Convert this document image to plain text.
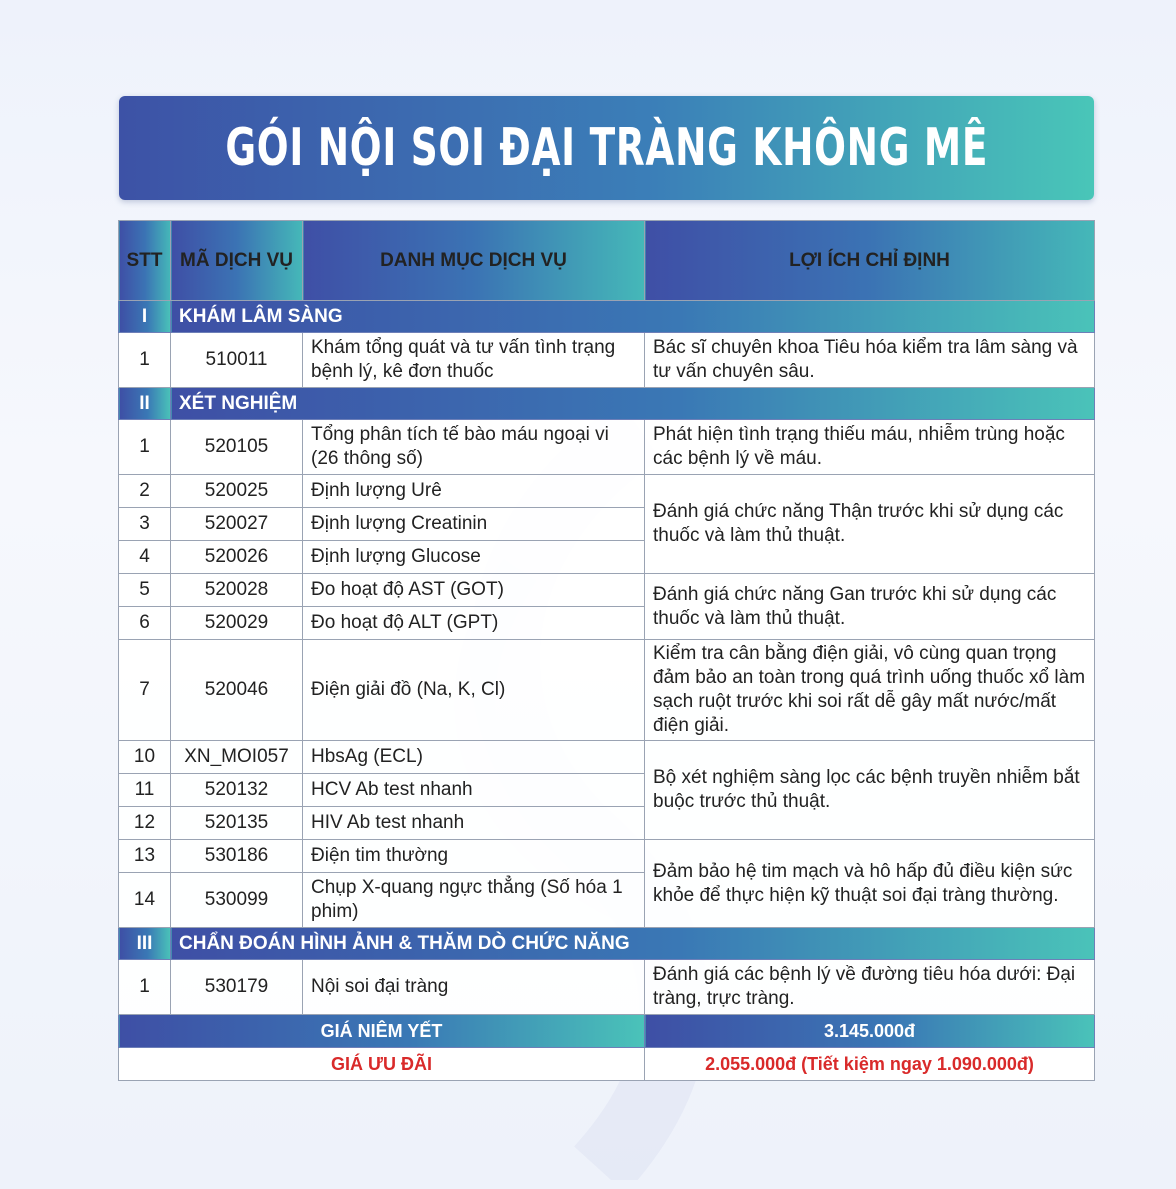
GÓI NỘI SOI ĐẠI TRÀNG KHÔNG MÊ
STT	MÃ DỊCH VỤ	DANH MỤC DỊCH VỤ	LỢI ÍCH CHỈ ĐỊNH
I	KHÁM LÂM SÀNG		
1	510011	Khám tổng quát và tư vấn tình trạng bệnh lý, kê đơn thuốc	Bác sĩ chuyên khoa Tiêu hóa kiểm tra lâm sàng và tư vấn chuyên sâu.
II	XÉT NGHIỆM		
1	520105	Tổng phân tích tế bào máu ngoại vi (26 thông số)	Phát hiện tình trạng thiếu máu, nhiễm trùng hoặc các bệnh lý về máu.
2	520025	Định lượng Urê	Đánh giá chức năng Thận trước khi sử dụng các thuốc và làm thủ thuật.
3	520027	Định lượng Creatinin	
4	520026	Định lượng Glucose	
5	520028	Đo hoạt độ AST (GOT)	Đánh giá chức năng Gan trước khi sử dụng các thuốc và làm thủ thuật.
6	520029	Đo hoạt độ ALT (GPT)	
7	520046	Điện giải đồ (Na, K, Cl)	Kiểm tra cân bằng điện giải, vô cùng quan trọng đảm bảo an toàn trong quá trình uống thuốc xổ làm sạch ruột trước khi soi rất dễ gây mất nước/mất điện giải.
10	XN_MOI057	HbsAg (ECL)	Bộ xét nghiệm sàng lọc các bệnh truyền nhiễm bắt buộc trước thủ thuật.
11	520132	HCV Ab test nhanh	
12	520135	HIV Ab test nhanh	
13	530186	Điện tim thường	Đảm bảo hệ tim mạch và hô hấp đủ điều kiện sức khỏe để thực hiện kỹ thuật soi đại tràng thường.
14	530099	Chụp X-quang ngực thẳng (Số hóa 1 phim)	
III	CHẨN ĐOÁN HÌNH ẢNH & THĂM DÒ CHỨC NĂNG		
1	530179	Nội soi đại tràng	Đánh giá các bệnh lý về đường tiêu hóa dưới: Đại tràng, trực tràng.
GIÁ NIÊM YẾT			3.145.000đ
GIÁ ƯU ĐÃI			2.055.000đ (Tiết kiệm ngay 1.090.000đ)
